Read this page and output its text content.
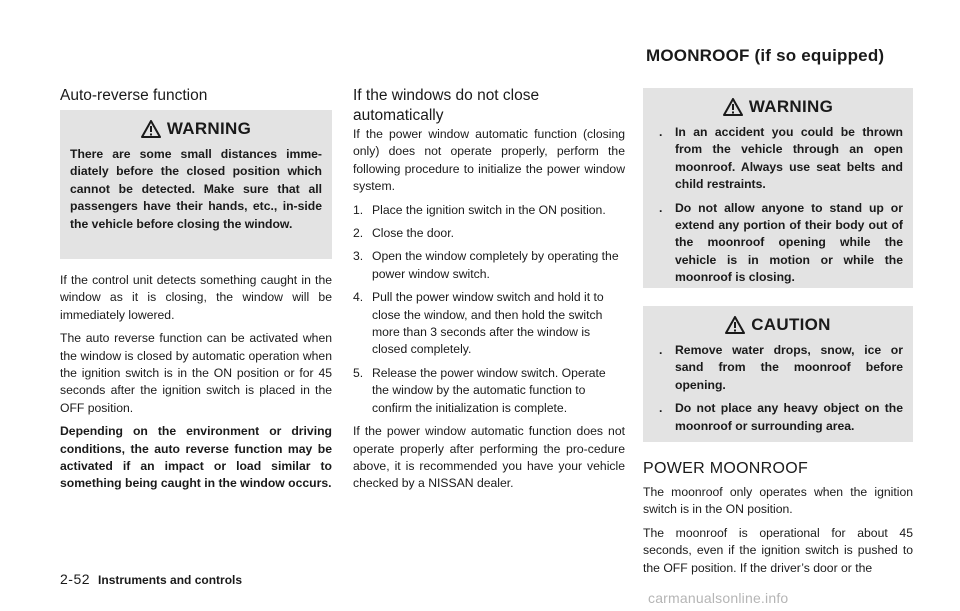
MOONROOF (if so equipped)
Auto-reverse function
WARNING
There are some small distances imme-diately before the closed position which cannot be detected. Make sure that all passengers have their hands, etc., in-side the vehicle before closing the window.

If the control unit detects something caught in the window as it is closing, the window will be immediately lowered.

The auto reverse function can be activated when the window is closed by automatic operation when the ignition switch is in the ON position or for 45 seconds after the ignition switch is placed in the OFF position.

Depending on the environment or driving conditions, the auto reverse function may be activated if an impact or load similar to something being caught in the window occurs.

If the windows do not close automatically

If the power window automatic function (closing only) does not operate properly, perform the following procedure to initialize the power window system.

1. Place the ignition switch in the ON position.
2. Close the door.
3. Open the window completely by operating the power window switch.
4. Pull the power window switch and hold it to close the window, and then hold the switch more than 3 seconds after the window is closed completely.
5. Release the power window switch. Operate the window by the automatic function to confirm the initialization is complete.

If the power window automatic function does not operate properly after performing the pro-cedure above, it is recommended you have your vehicle checked by a NISSAN dealer.

WARNING
. In an accident you could be thrown from the vehicle through an open moonroof. Always use seat belts and child restraints.
. Do not allow anyone to stand up or extend any portion of their body out of the moonroof opening while the vehicle is in motion or while the moonroof is closing.
CAUTION
. Remove water drops, snow, ice or sand from the moonroof before opening.
. Do not place any heavy object on the moonroof or surrounding area.
POWER MOONROOF

The moonroof only operates when the ignition switch is in the ON position.

The moonroof is operational for about 45 seconds, even if the ignition switch is pushed to the OFF position. If the driver’s door or the

2-52 Instruments and controls
carmanualsonline.info
